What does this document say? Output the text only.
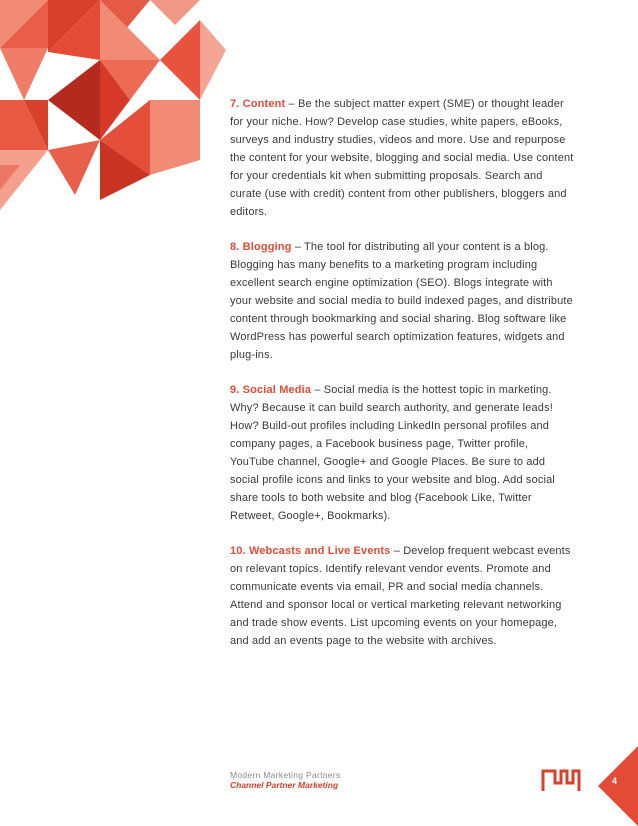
7. Content – Be the subject matter expert (SME) or thought leader for your niche. How? Develop case studies, white papers, eBooks, surveys and industry studies, videos and more. Use and repurpose the content for your website, blogging and social media. Use content for your credentials kit when submitting proposals. Search and curate (use with credit) content from other publishers, bloggers and editors.

8. Blogging – The tool for distributing all your content is a blog. Blogging has many benefits to a marketing program including excellent search engine optimization (SEO). Blogs integrate with your website and social media to build indexed pages, and distribute content through bookmarking and social sharing. Blog software like WordPress has powerful search optimization features, widgets and plug-ins.

9. Social Media – Social media is the hottest topic in marketing. Why? Because it can build search authority, and generate leads! How? Build-out profiles including LinkedIn personal profiles and company pages, a Facebook business page, Twitter profile, YouTube channel, Google+ and Google Places. Be sure to add social profile icons and links to your website and blog. Add social share tools to both website and blog (Facebook Like, Twitter Retweet, Google+, Bookmarks).

10. Webcasts and Live Events – Develop frequent webcast events on relevant topics. Identify relevant vendor events. Promote and communicate events via email, PR and social media channels. Attend and sponsor local or vertical marketing relevant networking and trade show events. List upcoming events on your homepage, and add an events page to the website with archives.

Modern Marketing Partners
Channel Partner Marketing	4
